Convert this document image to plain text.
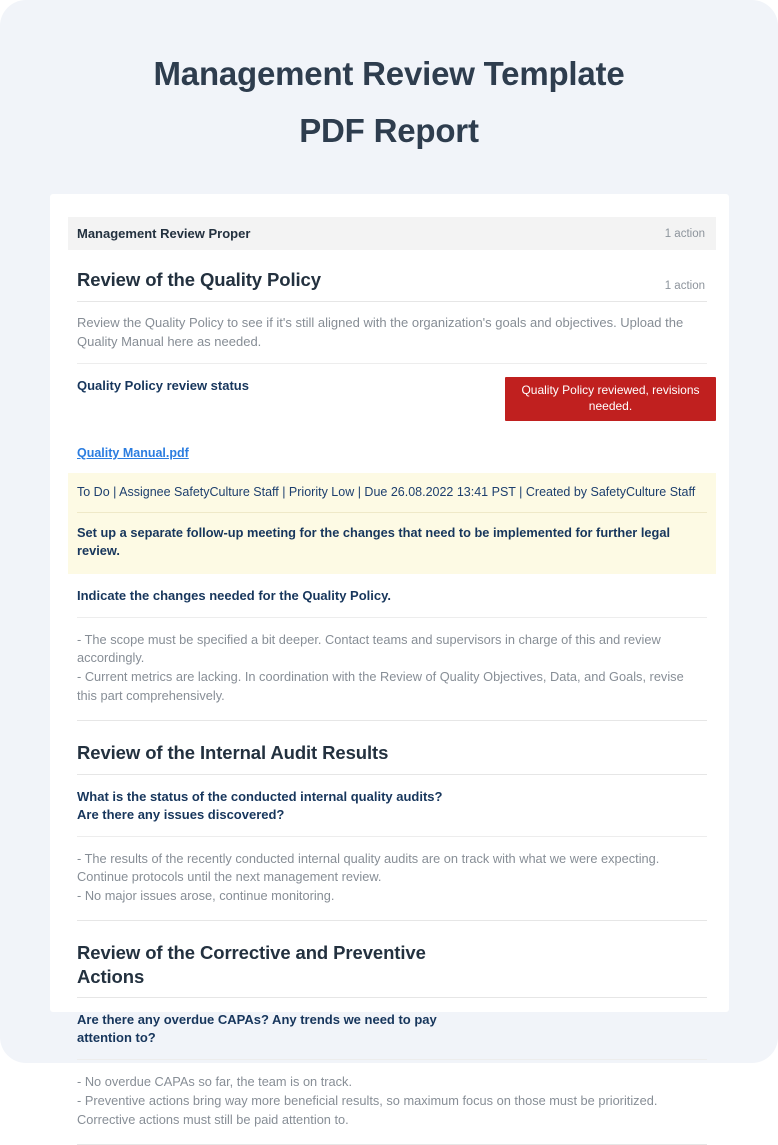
Management Review Template
PDF Report
Management Review Proper	1 action
Review of the Quality Policy	1 action
Review the Quality Policy to see if it's still aligned with the organization's goals and objectives. Upload the Quality Manual here as needed.
Quality Policy review status	Quality Policy reviewed, revisions needed.
Quality Manual.pdf
To Do | Assignee SafetyCulture Staff | Priority Low | Due 26.08.2022 13:41 PST | Created by SafetyCulture Staff
Set up a separate follow-up meeting for the changes that need to be implemented for further legal review.
Indicate the changes needed for the Quality Policy.

- The scope must be specified a bit deeper. Contact teams and supervisors in charge of this and review accordingly.

- Current metrics are lacking. In coordination with the Review of Quality Objectives, Data, and Goals, revise this part comprehensively.

Review of the Internal Audit Results
What is the status of the conducted internal quality audits?
Are there any issues discovered?

- The results of the recently conducted internal quality audits are on track with what we were expecting. Continue protocols until the next management review.

- No major issues arose, continue monitoring.

Review of the Corrective and Preventive
Actions
Are there any overdue CAPAs? Any trends we need to pay
attention to?

- No overdue CAPAs so far, the team is on track.

- Preventive actions bring way more beneficial results, so maximum focus on those must be prioritized. Corrective actions must still be paid attention to.
